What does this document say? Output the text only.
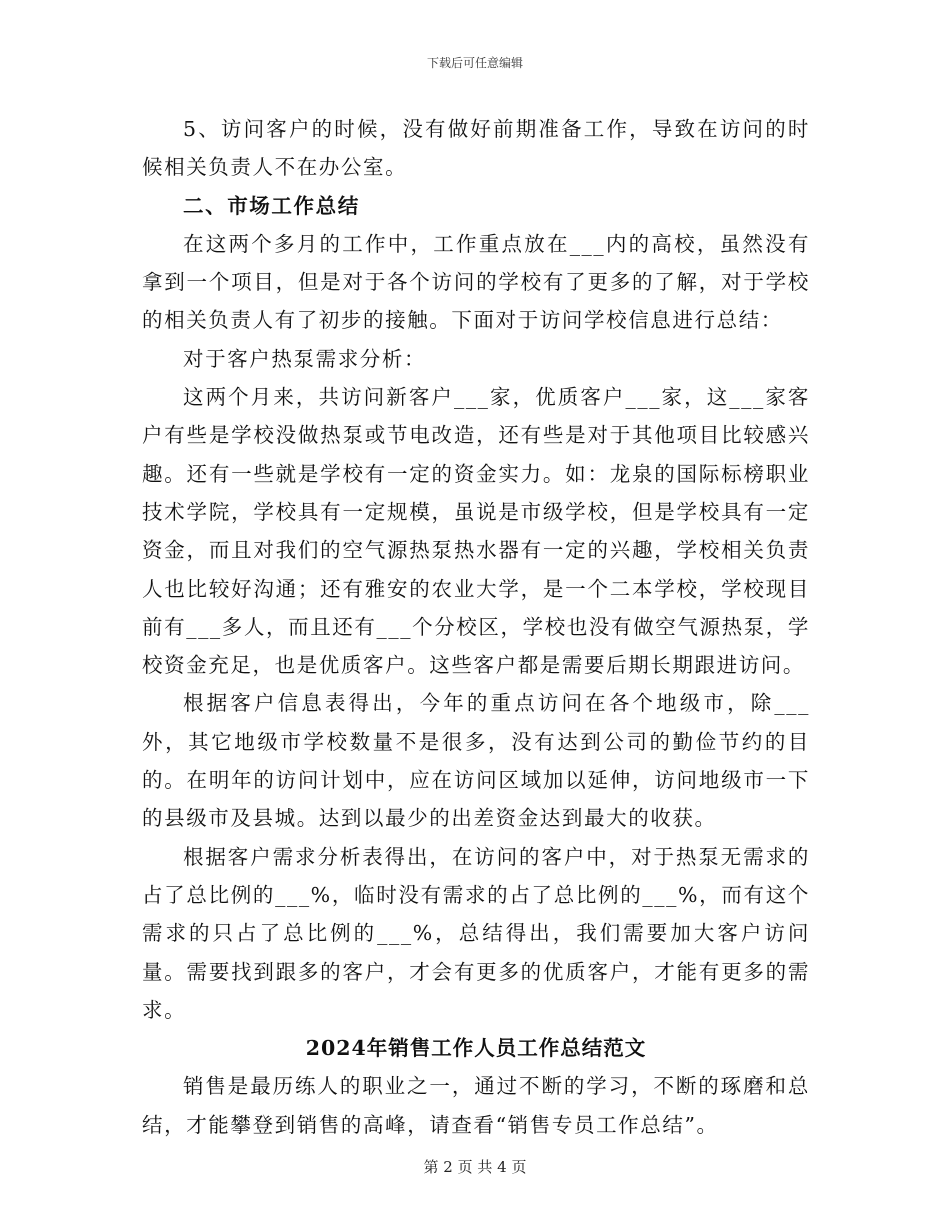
下载后可任意编辑

5、访问客户的时候，没有做好前期准备工作，导致在访问的时候相关负责人不在办公室。

二、市场工作总结

在这两个多月的工作中，工作重点放在___内的高校，虽然没有拿到一个项目，但是对于各个访问的学校有了更多的了解，对于学校的相关负责人有了初步的接触。下面对于访问学校信息进行总结：

对于客户热泵需求分析：

这两个月来，共访问新客户___家，优质客户___家，这___家客户有些是学校没做热泵或节电改造，还有些是对于其他项目比较感兴趣。还有一些就是学校有一定的资金实力。如：龙泉的国际标榜职业技术学院，学校具有一定规模，虽说是市级学校，但是学校具有一定资金，而且对我们的空气源热泵热水器有一定的兴趣，学校相关负责人也比较好沟通；还有雅安的农业大学，是一个二本学校，学校现目前有___多人，而且还有___个分校区，学校也没有做空气源热泵，学校资金充足，也是优质客户。这些客户都是需要后期长期跟进访问。

根据客户信息表得出，今年的重点访问在各个地级市，除___外，其它地级市学校数量不是很多，没有达到公司的勤俭节约的目的。在明年的访问计划中，应在访问区域加以延伸，访问地级市一下的县级市及县城。达到以最少的出差资金达到最大的收获。

根据客户需求分析表得出，在访问的客户中，对于热泵无需求的占了总比例的___%，临时没有需求的占了总比例的___%，而有这个需求的只占了总比例的___%，总结得出，我们需要加大客户访问量。需要找到跟多的客户，才会有更多的优质客户，才能有更多的需求。

2024年销售工作人员工作总结范文

销售是最历练人的职业之一，通过不断的学习，不断的琢磨和总结，才能攀登到销售的高峰，请查看“销售专员工作总结”。

第 2 页 共 4 页
